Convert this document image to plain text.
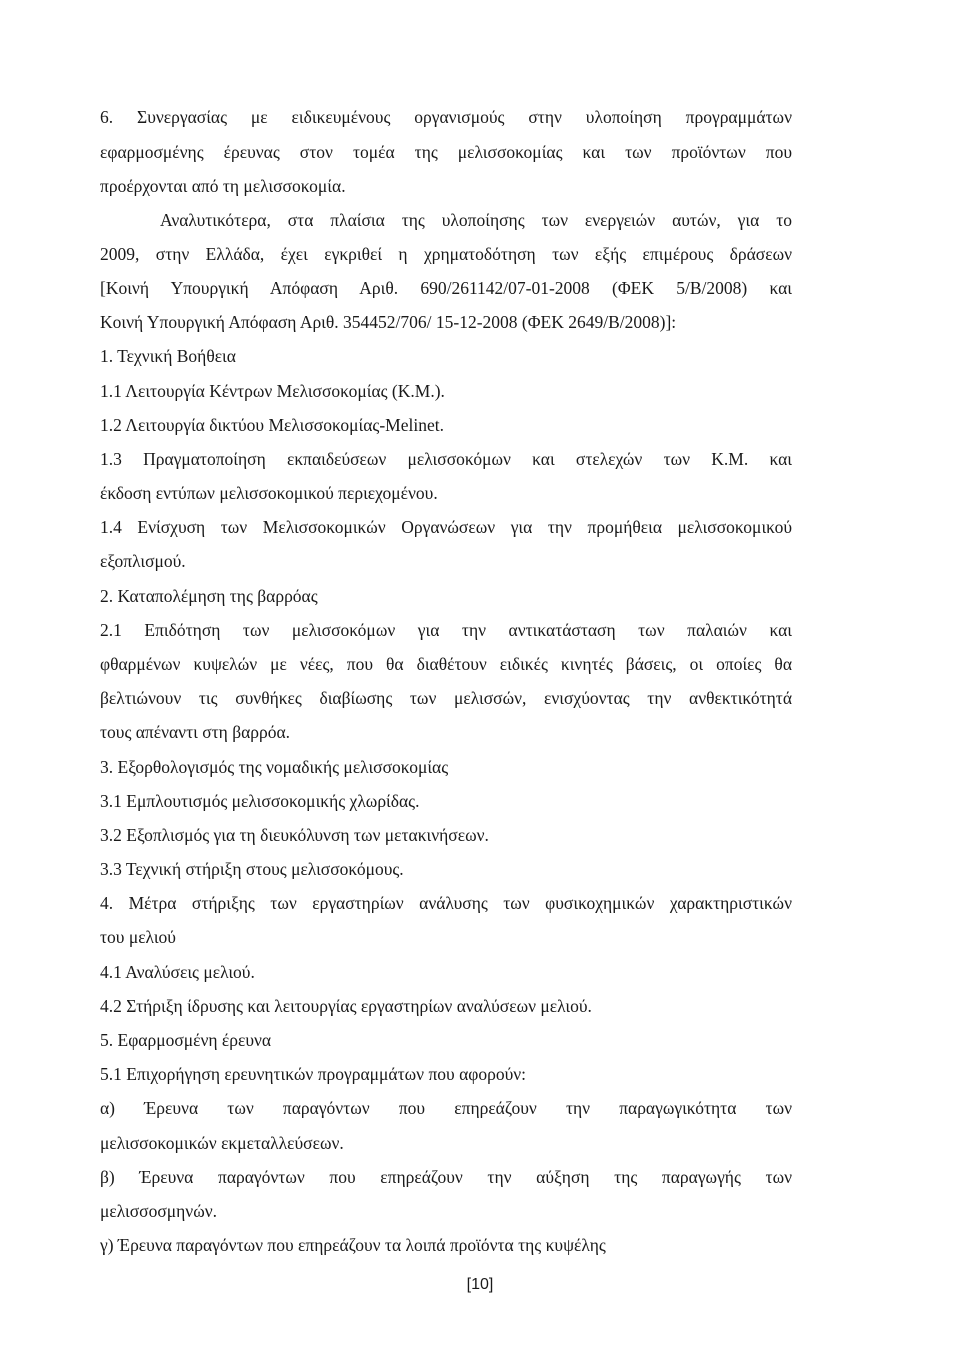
6. Συνεργασίας με ειδικευμένους οργανισμούς στην υλοποίηση προγραμμάτων
εφαρμοσμένης έρευνας στον τομέα της μελισσοκομίας και των προϊόντων που
προέρχονται από τη μελισσοκομία.
Αναλυτικότερα, στα πλαίσια της υλοποίησης των ενεργειών αυτών, για το
2009, στην Ελλάδα, έχει εγκριθεί η χρηματοδότηση των εξής επιμέρους δράσεων
[Κοινή Υπουργική Απόφαση Αριθ. 690/261142/07-01-2008 (ΦΕΚ 5/Β/2008) και
Κοινή Υπουργική Απόφαση Αριθ. 354452/706/ 15-12-2008 (ΦΕΚ 2649/Β/2008)]:
1. Τεχνική Βοήθεια
1.1 Λειτουργία Κέντρων Μελισσοκομίας (Κ.Μ.).
1.2 Λειτουργία δικτύου Μελισσοκομίας-Melinet.
1.3 Πραγματοποίηση εκπαιδεύσεων μελισσοκόμων και στελεχών των Κ.Μ. και
έκδοση εντύπων μελισσοκομικού περιεχομένου.
1.4 Ενίσχυση των Μελισσοκομικών Οργανώσεων για την προμήθεια μελισσοκομικού
εξοπλισμού.
2. Καταπολέμηση της βαρρόας
2.1 Επιδότηση των μελισσοκόμων για την αντικατάσταση των παλαιών και
φθαρμένων κυψελών με νέες, που θα διαθέτουν ειδικές κινητές βάσεις, οι οποίες θα
βελτιώνουν τις συνθήκες διαβίωσης των μελισσών, ενισχύοντας την ανθεκτικότητά
τους απέναντι στη βαρρόα.
3. Εξορθολογισμός της νομαδικής μελισσοκομίας
3.1 Εμπλουτισμός μελισσοκομικής χλωρίδας.
3.2 Εξοπλισμός για τη διευκόλυνση των μετακινήσεων.
3.3 Τεχνική στήριξη στους μελισσοκόμους.
4. Μέτρα στήριξης των εργαστηρίων ανάλυσης των φυσικοχημικών χαρακτηριστικών
του μελιού
4.1 Αναλύσεις μελιού.
4.2 Στήριξη ίδρυσης και λειτουργίας εργαστηρίων αναλύσεων μελιού.
5. Εφαρμοσμένη έρευνα
5.1 Επιχορήγηση ερευνητικών προγραμμάτων που αφορούν:
α) Έρευνα των παραγόντων που επηρεάζουν την παραγωγικότητα των
μελισσοκομικών εκμεταλλεύσεων.
β) Έρευνα παραγόντων που επηρεάζουν την αύξηση της παραγωγής των
μελισσοσμηνών.
γ) Έρευνα παραγόντων που επηρεάζουν τα λοιπά προϊόντα της κυψέλης
[10]
